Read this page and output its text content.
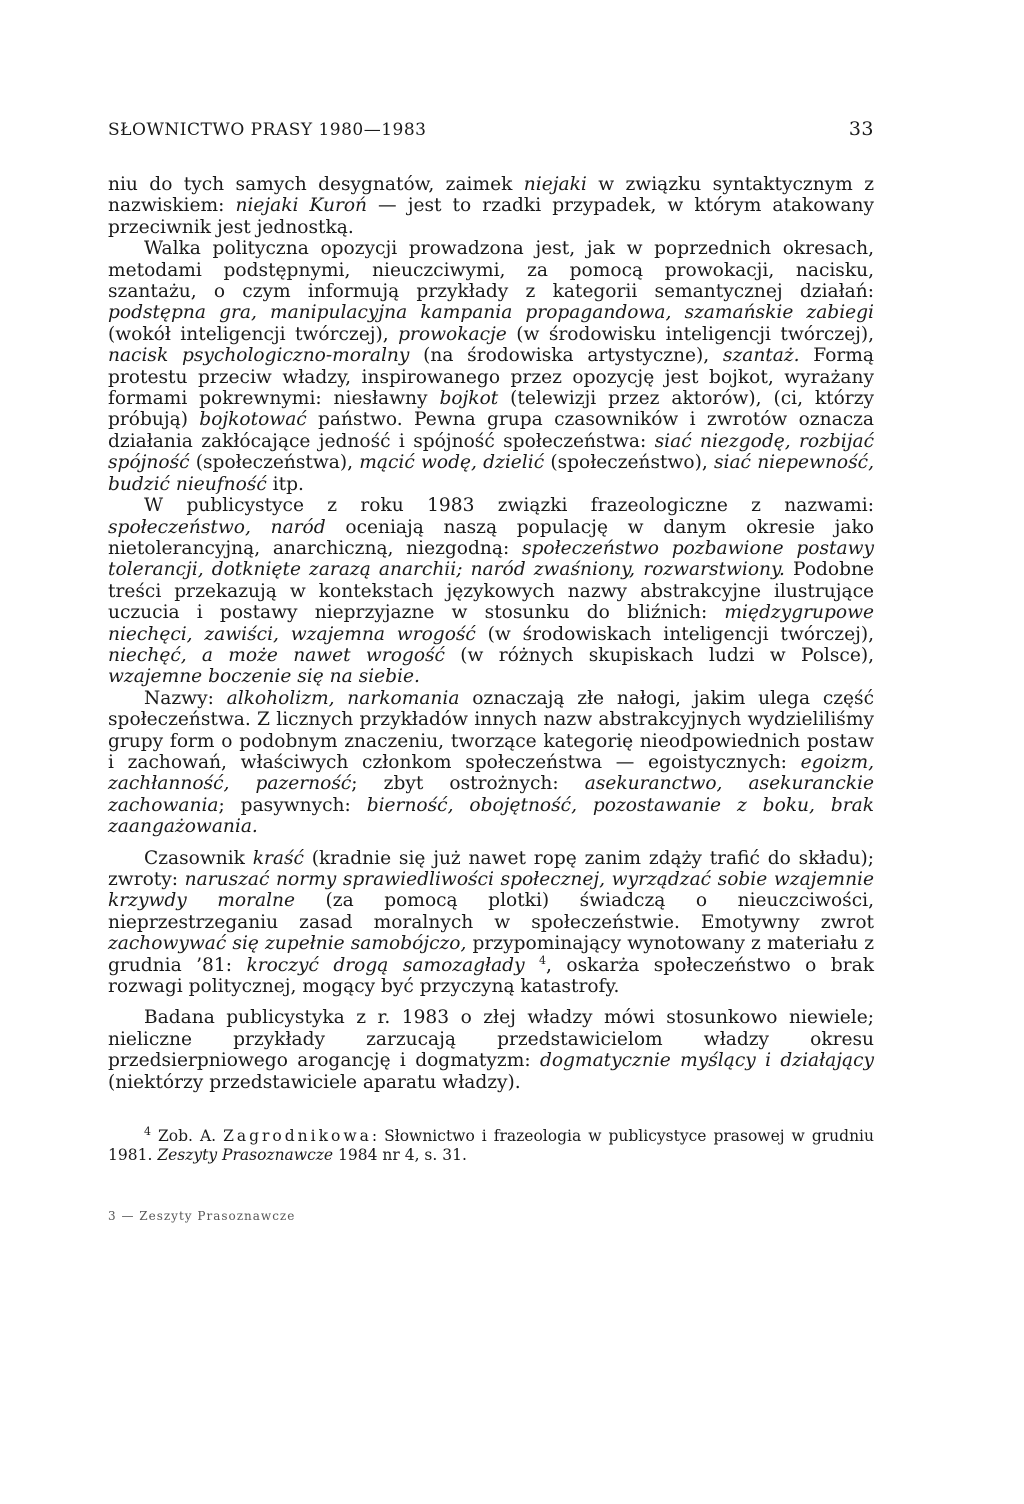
SŁOWNICTWO PRASY 1980—1983	33

niu do tych samych desygnatów, zaimek niejaki w związku syntaktycznym z nazwiskiem: niejaki Kuroń — jest to rzadki przypadek, w którym atakowany przeciwnik jest jednostką.

Walka polityczna opozycji prowadzona jest, jak w poprzednich okresach, metodami podstępnymi, nieuczciwymi, za pomocą prowokacji, nacisku, szantażu, o czym informują przykłady z kategorii semantycznej działań: podstępna gra, manipulacyjna kampania propagandowa, szamańskie zabiegi (wokół inteligencji twórczej), prowokacje (w środowisku inteligencji twórczej), nacisk psychologiczno-moralny (na środowiska artystyczne), szantaż. Formą protestu przeciw władzy, inspirowanego przez opozycję jest bojkot, wyrażany formami pokrewnymi: niesławny bojkot (telewizji przez aktorów), (ci, którzy próbują) bojkotować państwo. Pewna grupa czasowników i zwrotów oznacza działania zakłócające jedność i spójność społeczeństwa: siać niezgodę, rozbijać spójność (społeczeństwa), mącić wodę, dzielić (społeczeństwo), siać niepewność, budzić nieufność itp.

W publicystyce z roku 1983 związki frazeologiczne z nazwami: społeczeństwo, naród oceniają naszą populację w danym okresie jako nietolerancyjną, anarchiczną, niezgodną: społeczeństwo pozbawione postawy tolerancji, dotknięte zarazą anarchii; naród zwaśniony, rozwarstwiony. Podobne treści przekazują w kontekstach językowych nazwy abstrakcyjne ilustrujące uczucia i postawy nieprzyjazne w stosunku do bliźnich: międzygrupowe niechęci, zawiści, wzajemna wrogość (w środowiskach inteligencji twórczej), niechęć, a może nawet wrogość (w różnych skupiskach ludzi w Polsce), wzajemne boczenie się na siebie.

Nazwy: alkoholizm, narkomania oznaczają złe nałogi, jakim ulega część społeczeństwa. Z licznych przykładów innych nazw abstrakcyjnych wydzieliliśmy grupy form o podobnym znaczeniu, tworzące kategorię nieodpowiednich postaw i zachowań, właściwych członkom społeczeństwa — egoistycznych: egoizm, zachłanność, pazerność; zbyt ostrożnych: asekuranctwo, asekuranckie zachowania; pasywnych: bierność, obojętność, pozostawanie z boku, brak zaangażowania.

Czasownik kraść (kradnie się już nawet ropę zanim zdąży trafić do składu); zwroty: naruszać normy sprawiedliwości społecznej, wyrządzać sobie wzajemnie krzywdy moralne (za pomocą plotki) świadczą o nieuczciwości, nieprzestrzeganiu zasad moralnych w społeczeństwie. Emotywny zwrot zachowywać się zupełnie samobójczo, przypominający wynotowany z materiału z grudnia ’81: kroczyć drogą samozagłady $^4$, oskarża społeczeństwo o brak rozwagi politycznej, mogący być przyczyną katastrofy.

Badana publicystyka z r. 1983 o złej władzy mówi stosunkowo niewiele; nieliczne przykłady zarzucają przedstawicielom władzy okresu przedsierpniowego arogancję i dogmatyzm: dogmatycznie myślący i działający (niektórzy przedstawiciele aparatu władzy).

$^4$ Zob. A. Zagrodnikowa: Słownictwo i frazeologia w publicystyce prasowej w grudniu 1981. Zeszyty Prasoznawcze 1984 nr 4, s. 31.

3 — Zeszyty Prasoznawcze
